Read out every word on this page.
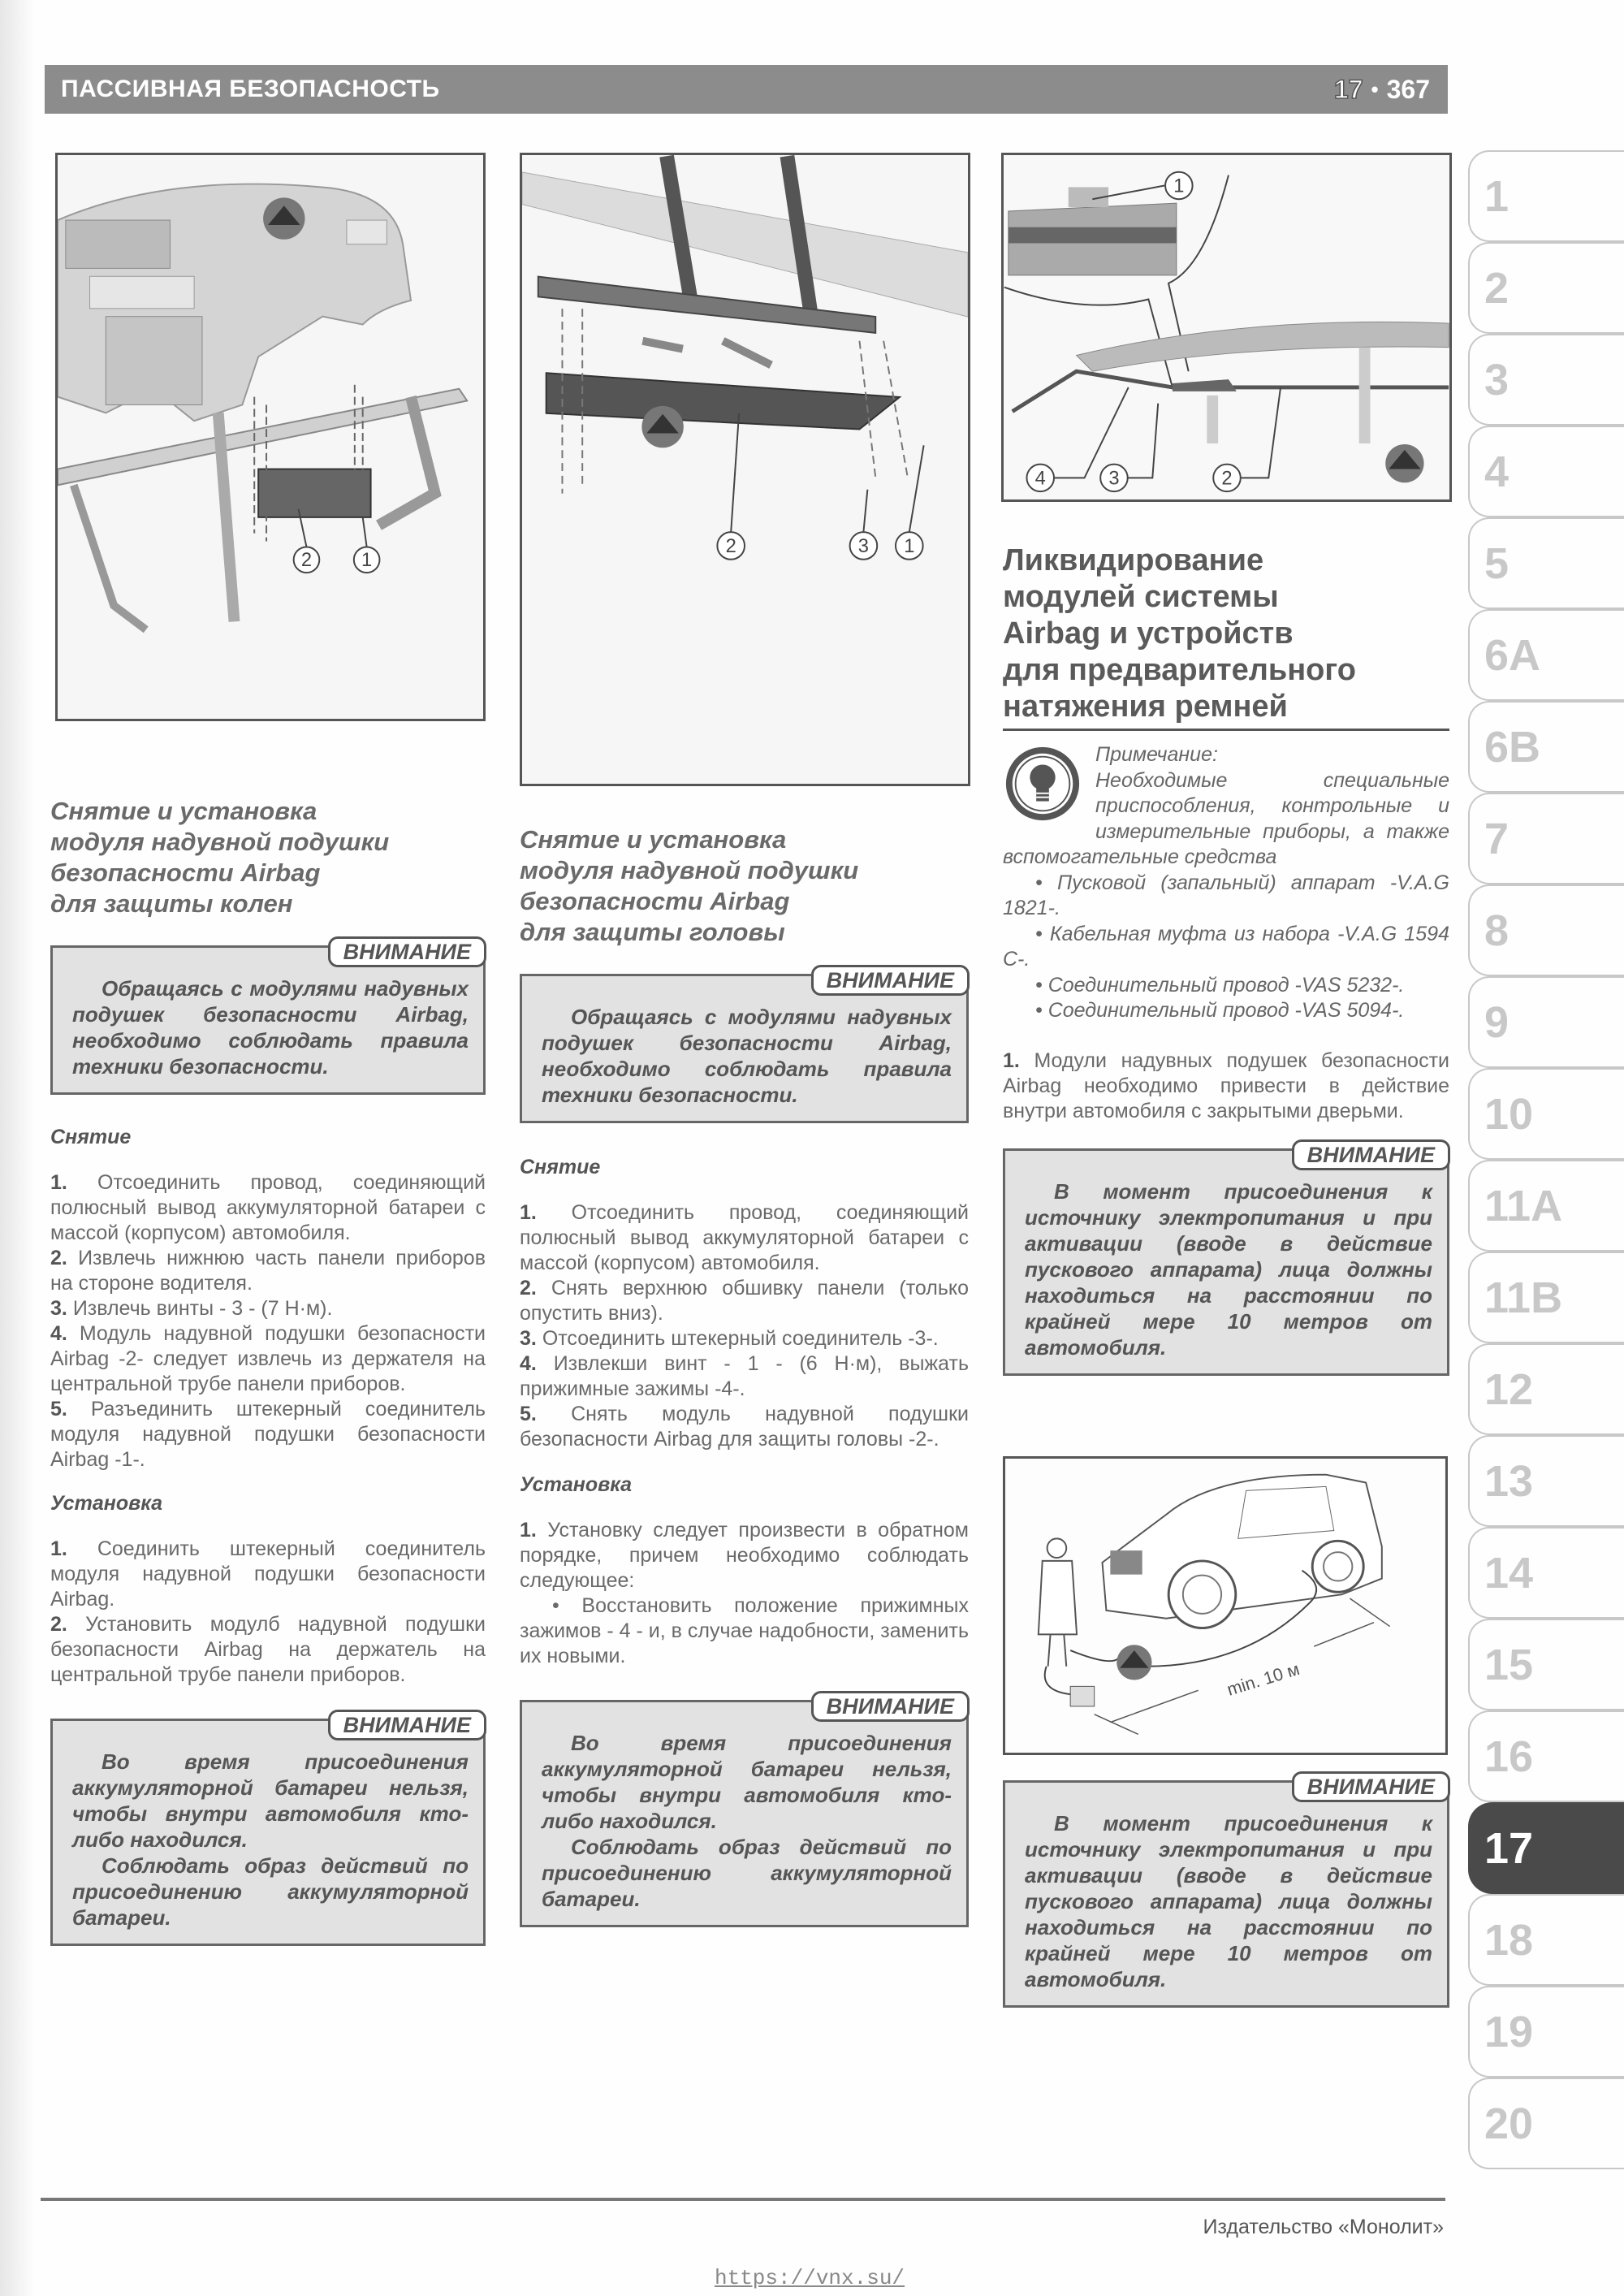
ПАССИВНАЯ БЕЗОПАСНОСТЬ	17 • 367
2	1
2	3 1
1
4	3	2
Ликвидирование
модулей системы
Airbag и устройств
для предварительного
натяжения ремней
Примечание:
Необходимые специальные приспособления, контрольные и измерительные приборы, а также вспомогательные средства
• Пусковой (запальный) аппарат -V.A.G 1821-.
• Кабельная муфта из набора -V.A.G 1594 C-.
• Соединительный провод -VAS 5232-.
• Соединительный провод -VAS 5094-.

1. Модули надувных подушек безопасности Airbag необходимо привести в действие внутри автомобиля с закрытыми дверьми.

ВНИМАНИЕ

В момент присоединения к источнику электропитания и при активации (вводе в действие пускового аппарата) лица должны находиться на расстоянии по крайней мере 10 метров от автомобиля.

min. 10 м
Снятие и установка
модуля надувной подушки
безопасности Airbag
для защиты колен
ВНИМАНИЕ

Обращаясь с модулями надувных подушек безопасности Airbag, необходимо соблюдать правила техники безопасности.

Снятие

1. Отсоединить провод, соединяющий полюсный вывод аккумуляторной батареи с массой (корпусом) автомобиля.

2. Извлечь нижнюю часть панели приборов на стороне водителя.

3. Извлечь винты - 3 - (7 Н·м).

4. Модуль надувной подушки безопасности Airbag -2- следует извлечь из держателя на центральной трубе панели приборов.

5. Разъединить штекерный соединитель модуля надувной подушки безопасности Airbag -1-.

Установка

1. Соединить штекерный соединитель модуля надувной подушки безопасности Airbag.

2. Установить модулб надувной подушки безопасности Airbag на держатель на центральной трубе панели приборов.

ВНИМАНИЕ

Во время присоединения аккумуляторной батареи нельзя, чтобы внутри автомобиля кто-либо находился.

Соблюдать образ действий по присоединению аккумуляторной батареи.

Снятие и установка
модуля надувной подушки
безопасности Airbag
для защиты головы
ВНИМАНИЕ

Обращаясь с модулями надувных подушек безопасности Airbag, необходимо соблюдать правила техники безопасности.

Снятие

1. Отсоединить провод, соединяющий полюсный вывод аккумуляторной батареи с массой (корпусом) автомобиля.

2. Снять верхнюю обшивку панели (только опустить вниз).

3. Отсоединить штекерный соединитель -3-.

4. Извлекши винт - 1 - (6 Н·м), выжать прижимные зажимы -4-.

5. Снять модуль надувной подушки безопасности Airbag для защиты головы -2-.

Установка

1. Установку следует произвести в обратном порядке, причем необходимо соблюдать следующее:

• Восстановить положение прижимных зажимов - 4 - и, в случае надобности, заменить их новыми.

ВНИМАНИЕ

Во время присоединения аккумуляторной батареи нельзя, чтобы внутри автомобиля кто-либо находился.

Соблюдать образ действий по присоединению аккумуляторной батареи.

ВНИМАНИЕ

В момент присоединения к источнику электропитания и при активации (вводе в действие пускового аппарата) лица должны находиться на расстоянии по крайней мере 10 метров от автомобиля.

1
2
3
4
5
6A
6B
7
8
9
10
11A
11B
12
13
14
15
16
17
18
19
20
Издательство «Монолит»
https://vnx.su/
